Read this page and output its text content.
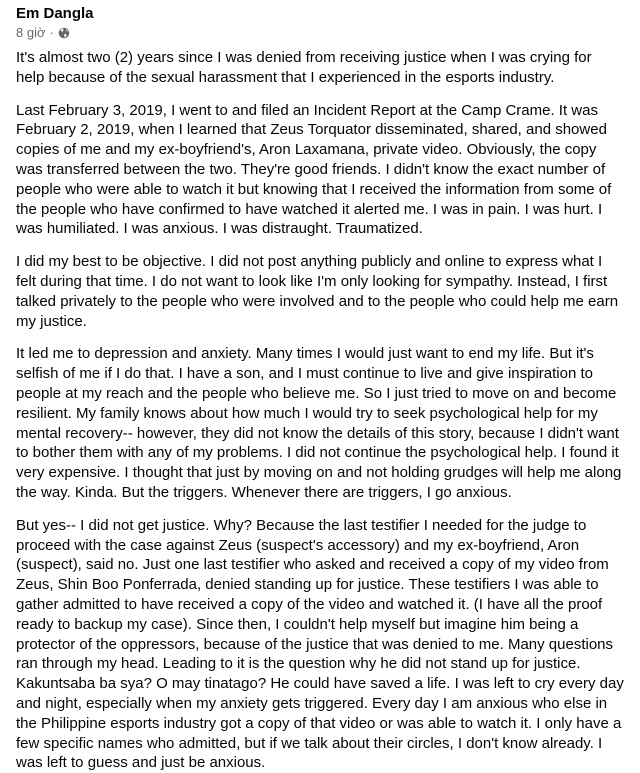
Em Dangla
8 giờ ·

It's almost two (2) years since I was denied from receiving justice when I was crying for help because of the sexual harassment that I experienced in the esports industry.

Last February 3, 2019, I went to and filed an Incident Report at the Camp Crame. It was February 2, 2019, when I learned that Zeus Torquator disseminated, shared, and showed copies of me and my ex-boyfriend's, Aron Laxamana, private video. Obviously, the copy was transferred between the two. They're good friends. I didn't know the exact number of people who were able to watch it but knowing that I received the information from some of the people who have confirmed to have watched it alerted me. I was in pain. I was hurt. I was humiliated. I was anxious. I was distraught. Traumatized.

I did my best to be objective. I did not post anything publicly and online to express what I felt during that time. I do not want to look like I'm only looking for sympathy. Instead, I first talked privately to the people who were involved and to the people who could help me earn my justice.

It led me to depression and anxiety. Many times I would just want to end my life. But it's selfish of me if I do that. I have a son, and I must continue to live and give inspiration to people at my reach and the people who believe me. So I just tried to move on and become resilient. My family knows about how much I would try to seek psychological help for my mental recovery-- however, they did not know the details of this story, because I didn't want to bother them with any of my problems. I did not continue the psychological help. I found it very expensive. I thought that just by moving on and not holding grudges will help me along the way. Kinda. But the triggers. Whenever there are triggers, I go anxious.

But yes-- I did not get justice. Why? Because the last testifier I needed for the judge to proceed with the case against Zeus (suspect's accessory) and my ex-boyfriend, Aron (suspect), said no. Just one last testifier who asked and received a copy of my video from Zeus, Shin Boo Ponferrada, denied standing up for justice. These testifiers I was able to gather admitted to have received a copy of the video and watched it. (I have all the proof ready to backup my case). Since then, I couldn't help myself but imagine him being a protector of the oppressors, because of the justice that was denied to me. Many questions ran through my head. Leading to it is the question why he did not stand up for justice. Kakuntsaba ba sya? O may tinatago? He could have saved a life. I was left to cry every day and night, especially when my anxiety gets triggered. Every day I am anxious who else in the Philippine esports industry got a copy of that video or was able to watch it. I only have a few specific names who admitted, but if we talk about their circles, I don't know already. I was left to guess and just be anxious.
